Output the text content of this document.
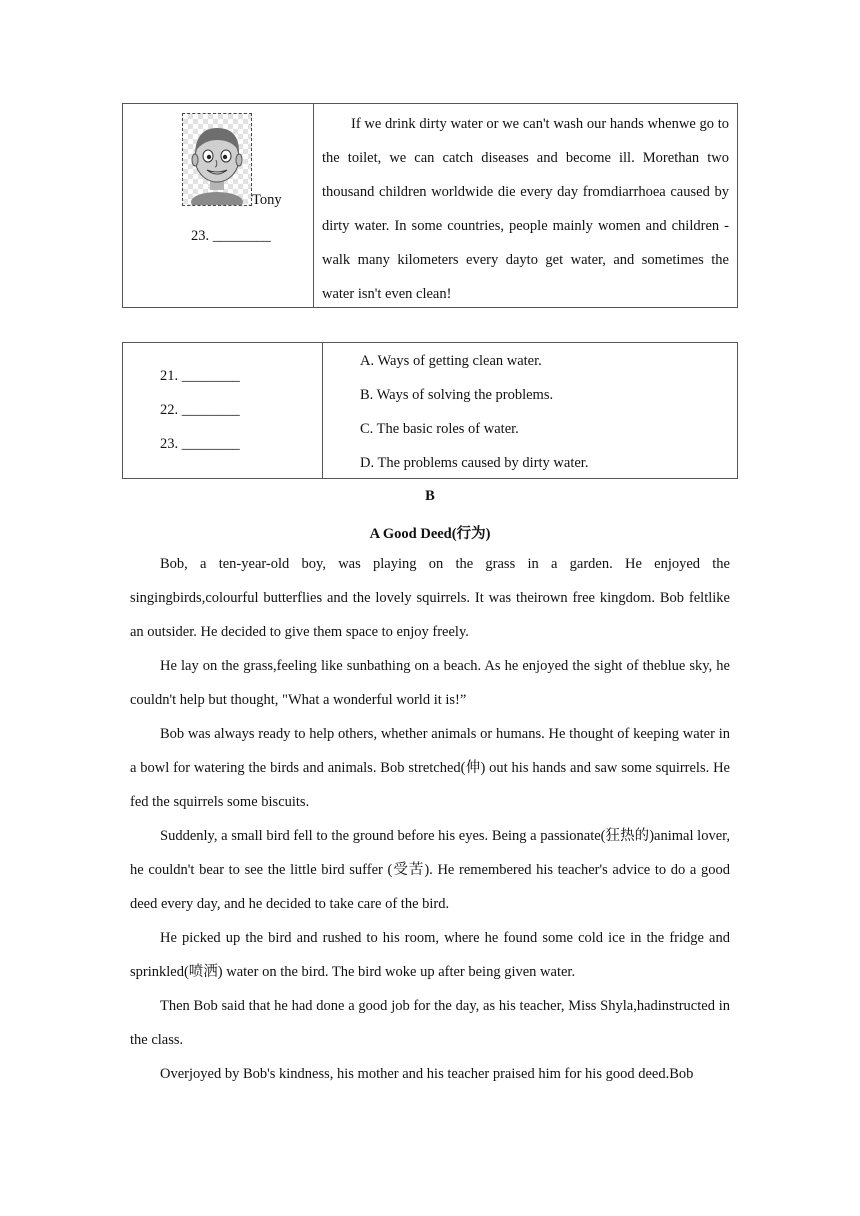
Tony
23. ________

If we drink dirty water or we can't wash our hands whenwe go to the toilet, we can catch diseases and become ill. Morethan two thousand children worldwide die every day fromdiarrhoea caused by dirty water. In some countries, people mainly women and children - walk many kilometers every dayto get water, and sometimes the water isn't even clean!

21. ________
22. ________
23. ________

A. Ways of getting clean water.

B. Ways of solving the problems.

C. The basic roles of water.

D. The problems caused by dirty water.

B
A Good Deed(行为)

Bob, a ten-year-old boy, was playing on the grass in a garden. He enjoyed the singingbirds,colourful butterflies and the lovely squirrels. It was theirown free kingdom. Bob feltlike an outsider. He decided to give them space to enjoy freely.

He lay on the grass,feeling like sunbathing on a beach. As he enjoyed the sight of theblue sky, he couldn't help but thought, "What a wonderful world it is!”

Bob was always ready to help others, whether animals or humans. He thought of keeping water in a bowl for watering the birds and animals. Bob stretched(伸) out his hands and saw some squirrels. He fed the squirrels some biscuits.

Suddenly, a small bird fell to the ground before his eyes. Being a passionate(狂热的)animal lover, he couldn't bear to see the little bird suffer (受苦). He remembered his teacher's advice to do a good deed every day, and he decided to take care of the bird.

He picked up the bird and rushed to his room, where he found some cold ice in the fridge and sprinkled(喷洒) water on the bird. The bird woke up after being given water.

Then Bob said that he had done a good job for the day, as his teacher, Miss Shyla,hadinstructed in the class.

Overjoyed by Bob's kindness, his mother and his teacher praised him for his good deed.Bob
